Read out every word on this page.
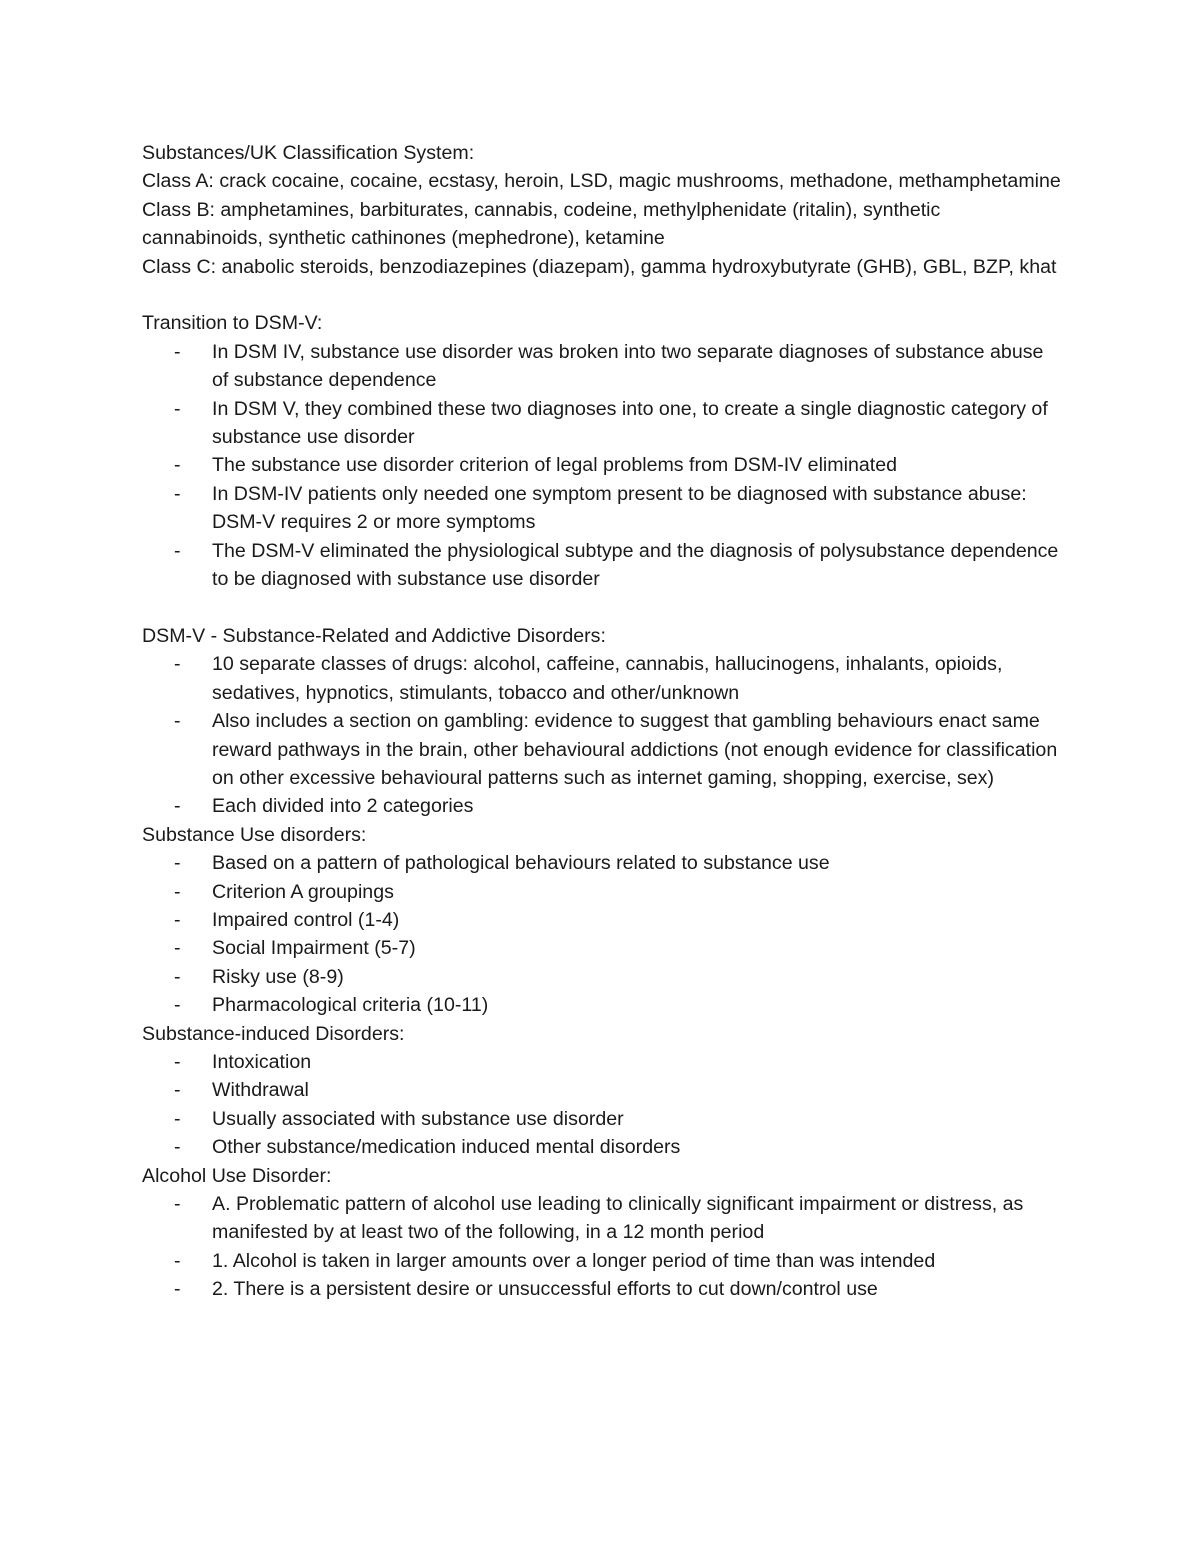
Substances/UK Classification System:

Class A: crack cocaine, cocaine, ecstasy, heroin, LSD, magic mushrooms, methadone, methamphetamine

Class B: amphetamines, barbiturates, cannabis, codeine, methylphenidate (ritalin), synthetic cannabinoids, synthetic cathinones (mephedrone), ketamine

Class C: anabolic steroids, benzodiazepines (diazepam), gamma hydroxybutyrate (GHB), GBL, BZP, khat

Transition to DSM-V:

- In DSM IV, substance use disorder was broken into two separate diagnoses of substance abuse of substance dependence
- In DSM V, they combined these two diagnoses into one, to create a single diagnostic category of substance use disorder
- The substance use disorder criterion of legal problems from DSM-IV eliminated
- In DSM-IV patients only needed one symptom present to be diagnosed with substance abuse: DSM-V requires 2 or more symptoms
- The DSM-V eliminated the physiological subtype and the diagnosis of polysubstance dependence to be diagnosed with substance use disorder

DSM-V - Substance-Related and Addictive Disorders:

- 10 separate classes of drugs: alcohol, caffeine, cannabis, hallucinogens, inhalants, opioids, sedatives, hypnotics, stimulants, tobacco and other/unknown
- Also includes a section on gambling: evidence to suggest that gambling behaviours enact same reward pathways in the brain, other behavioural addictions (not enough evidence for classification on other excessive behavioural patterns such as internet gaming, shopping, exercise, sex)
- Each divided into 2 categories

Substance Use disorders:

- Based on a pattern of pathological behaviours related to substance use
- Criterion A groupings
- Impaired control (1-4)
- Social Impairment (5-7)
- Risky use (8-9)
- Pharmacological criteria (10-11)

Substance-induced Disorders:

- Intoxication
- Withdrawal
- Usually associated with substance use disorder
- Other substance/medication induced mental disorders

Alcohol Use Disorder:

- A. Problematic pattern of alcohol use leading to clinically significant impairment or distress, as manifested by at least two of the following, in a 12 month period
- 1. Alcohol is taken in larger amounts over a longer period of time than was intended
- 2. There is a persistent desire or unsuccessful efforts to cut down/control use
